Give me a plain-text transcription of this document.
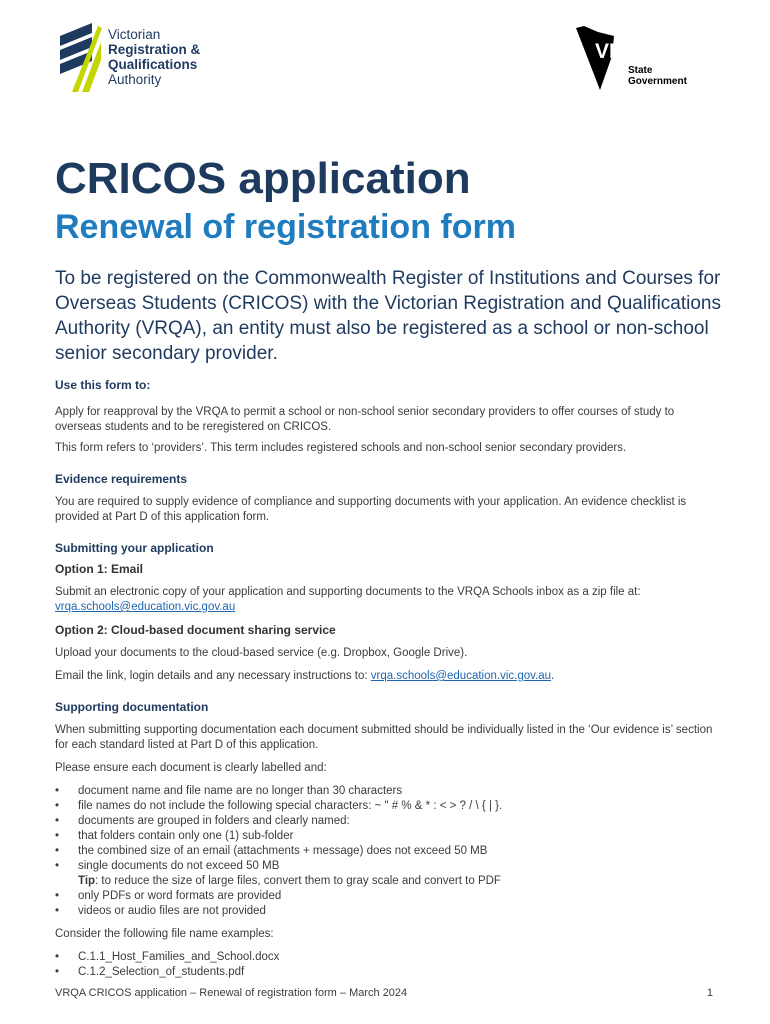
Victorian
Registration &
Qualifications
Authority
VICTORIA
State
Government
CRICOS application
Renewal of registration form

To be registered on the Commonwealth Register of Institutions and Courses for Overseas Students (CRICOS) with the Victorian Registration and Qualifications Authority (VRQA), an entity must also be registered as a school or non-school senior secondary provider.

Use this form to:

Apply for reapproval by the VRQA to permit a school or non-school senior secondary providers to offer courses of study to overseas students and to be reregistered on CRICOS.

This form refers to ‘providers’. This term includes registered schools and non-school senior secondary providers.

Evidence requirements

You are required to supply evidence of compliance and supporting documents with your application. An evidence checklist is provided at Part D of this application form.

Submitting your application

Option 1: Email

Submit an electronic copy of your application and supporting documents to the VRQA Schools inbox as a zip file at:
vrqa.schools@education.vic.gov.au

Option 2: Cloud-based document sharing service

Upload your documents to the cloud-based service (e.g. Dropbox, Google Drive).

Email the link, login details and any necessary instructions to: vrqa.schools@education.vic.gov.au.

Supporting documentation

When submitting supporting documentation each document submitted should be individually listed in the ‘Our evidence is’ section for each standard listed at Part D of this application.

Please ensure each document is clearly labelled and:

• document name and file name are no longer than 30 characters
• file names do not include the following special characters: ~ " # % & * : < > ? / \ { | }.
• documents are grouped in folders and clearly named:
• that folders contain only one (1) sub-folder
• the combined size of an email (attachments + message) does not exceed 50 MB
• single documents do not exceed 50 MB
Tip: to reduce the size of large files, convert them to gray scale and convert to PDF
• only PDFs or word formats are provided
• videos or audio files are not provided

Consider the following file name examples:

• C.1.1_Host_Families_and_School.docx
• C.1.2_Selection_of_students.pdf
VRQA CRICOS application – Renewal of registration form – March 2024	1
